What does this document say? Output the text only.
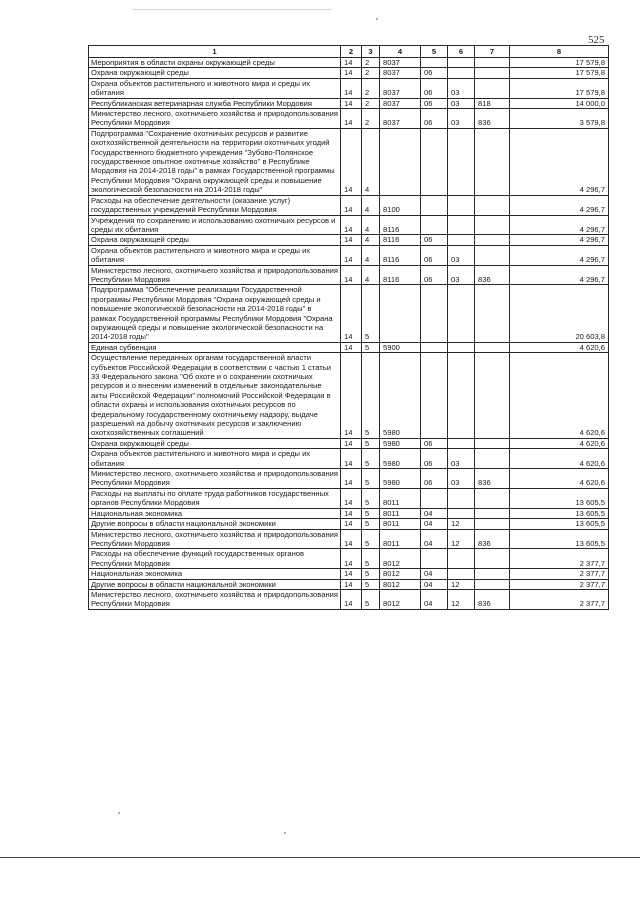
525
1	2	3	4	5	6	7	8
Мероприятия в области охраны окружающей среды	14	2	8037				17 579,8
Охрана окружающей среды	14	2	8037	06			17 579,8
Охрана объектов растительного и животного мира и среды их обитания	14	2	8037	06	03		17 579,8
Республиканская ветеринарная служба Республики Мордовия	14	2	8037	06	03	818	14 000,0
Министерство лесного, охотничьего хозяйства и природопользования Республики Мордовия	14	2	8037	06	03	836	3 579,8
Подпрограмма "Сохранение охотничьих ресурсов и развитие охотхозяйственной деятельности на территории охотничьих угодий Государственного бюджетного учреждения "Зубово-Полянское государственное опытное охотничье хозяйство" в Республике Мордовия на 2014-2018 годы" в рамках Государственной программы Республики Мордовия "Охрана окружающей среды и повышение экологической безопасности на 2014-2018 годы"	14	4					4 296,7
Расходы на обеспечение деятельности (оказание услуг) государственных учреждений Республики Мордовия	14	4	8100				4 296,7
Учреждения по сохранению и использованию охотничьих ресурсов и среды их обитания	14	4	8116				4 296,7
Охрана окружающей среды	14	4	8116	06			4 296,7
Охрана объектов растительного и животного мира и среды их обитания	14	4	8116	06	03		4 296,7
Министерство лесного, охотничьего хозяйства и природопользования Республики Мордовия	14	4	8116	06	03	836	4 296,7
Подпрограмма "Обеспечение реализации Государственной программы Республики Мордовия "Охрана окружающей среды и повышение экологической безопасности на 2014-2018 годы" в рамках Государственной программы Республики Мордовия "Охрана окружающей среды и повышение экологической безопасности на 2014-2018 годы"	14	5					20 603,8
Единая субвенция	14	5	5900				4 620,6
Осуществление переданных органам государственной власти субъектов Российской Федерации в соответствии с частью 1 статьи 33 Федерального закона "Об охоте и о сохранении охотничьих ресурсов и о внесении изменений в отдельные законодательные акты Российской Федерации" полномочий Российской Федерации в области охраны и использования охотничьих ресурсов по федеральному государственному охотничьему надзору, выдаче разрешений на добычу охотничьих ресурсов и заключению охотхозяйственных соглашений	14	5	5980				4 620,6
Охрана окружающей среды	14	5	5980	06			4 620,6
Охрана объектов растительного и животного мира и среды их обитания	14	5	5980	06	03		4 620,6
Министерство лесного, охотничьего хозяйства и природопользования Республики Мордовия	14	5	5980	06	03	836	4 620,6
Расходы на выплаты по оплате труда работников государственных органов Республики Мордовия	14	5	8011				13 605,5
Национальная экономика	14	5	8011	04			13 605,5
Другие вопросы в области национальной экономики	14	5	8011	04	12		13 605,5
Министерство лесного, охотничьего хозяйства и природопользования Республики Мордовия	14	5	8011	04	12	836	13 605,5
Расходы на обеспечение функций государственных органов Республики Мордовия	14	5	8012				2 377,7
Национальная экономика	14	5	8012	04			2 377,7
Другие вопросы в области национальной экономики	14	5	8012	04	12		2 377,7
Министерство лесного, охотничьего хозяйства и природопользования Республики Мордовия	14	5	8012	04	12	836	2 377,7
